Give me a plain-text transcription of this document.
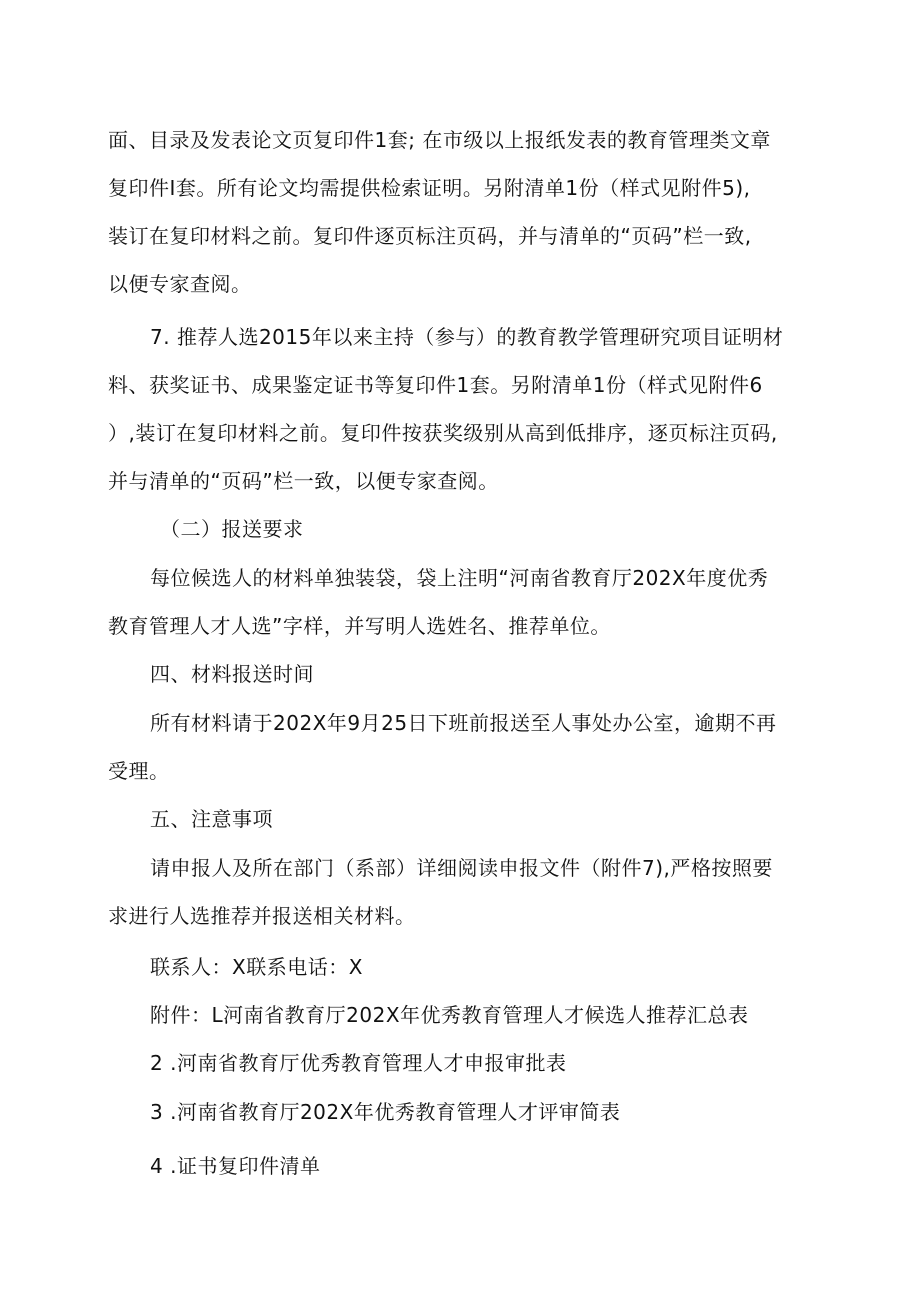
面、目录及发表论文页复印件1套; 在市级以上报纸发表的教育管理类文章
复印件I套。所有论文均需提供检索证明。另附清单1份（样式见附件5),
装订在复印材料之前。复印件逐页标注页码，并与清单的“页码”栏一致,
以便专家查阅。
7. 推荐人选2015年以来主持（参与）的教育教学管理研究项目证明材
料、获奖证书、成果鉴定证书等复印件1套。另附清单1份（样式见附件6
）,装订在复印材料之前。复印件按获奖级别从高到低排序，逐页标注页码,
并与清单的“页码”栏一致，以便专家查阅。
（二）报送要求
每位候选人的材料单独装袋，袋上注明“河南省教育厅202X年度优秀
教育管理人才人选”字样，并写明人选姓名、推荐单位。
四、材料报送时间
所有材料请于202X年9月25日下班前报送至人事处办公室，逾期不再
受理。
五、注意事项
请申报人及所在部门（系部）详细阅读申报文件（附件7),严格按照要
求进行人选推荐并报送相关材料。
联系人：X联系电话：X
附件：L河南省教育厅202X年优秀教育管理人才候选人推荐汇总表
2 .河南省教育厅优秀教育管理人才申报审批表
3 .河南省教育厅202X年优秀教育管理人才评审简表
4 .证书复印件清单
